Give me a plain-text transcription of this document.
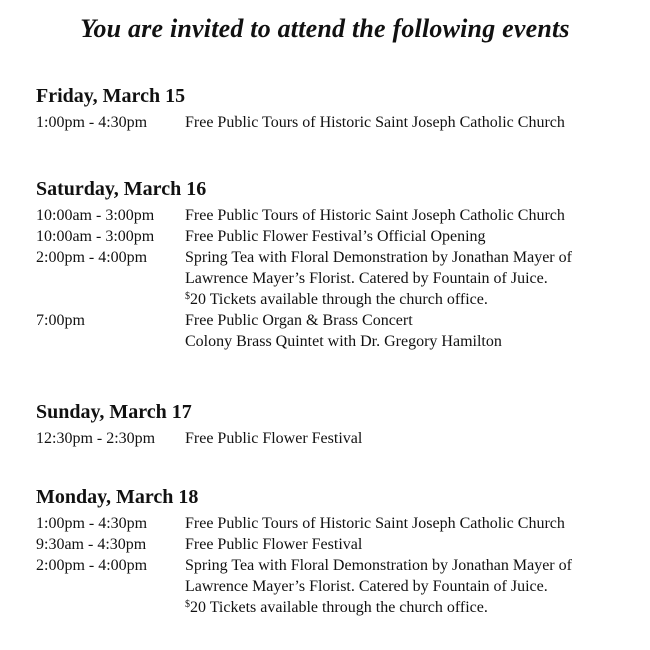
You are invited to attend the following events
Friday, March 15
1:00pm - 4:30pm	Free Public Tours of Historic Saint Joseph Catholic Church
Saturday, March 16
10:00am - 3:00pm	Free Public Tours of Historic Saint Joseph Catholic Church
10:00am - 3:00pm	Free Public Flower Festival’s Official Opening
2:00pm - 4:00pm	Spring Tea with Floral Demonstration by Jonathan Mayer of
Lawrence Mayer’s Florist. Catered by Fountain of Juice.
$20 Tickets available through the church office.
7:00pm	Free Public Organ & Brass Concert
Colony Brass Quintet with Dr. Gregory Hamilton
Sunday, March 17
12:30pm - 2:30pm	Free Public Flower Festival
Monday, March 18
1:00pm - 4:30pm	Free Public Tours of Historic Saint Joseph Catholic Church
9:30am - 4:30pm	Free Public Flower Festival
2:00pm - 4:00pm	Spring Tea with Floral Demonstration by Jonathan Mayer of
Lawrence Mayer’s Florist. Catered by Fountain of Juice.
$20 Tickets available through the church office.
